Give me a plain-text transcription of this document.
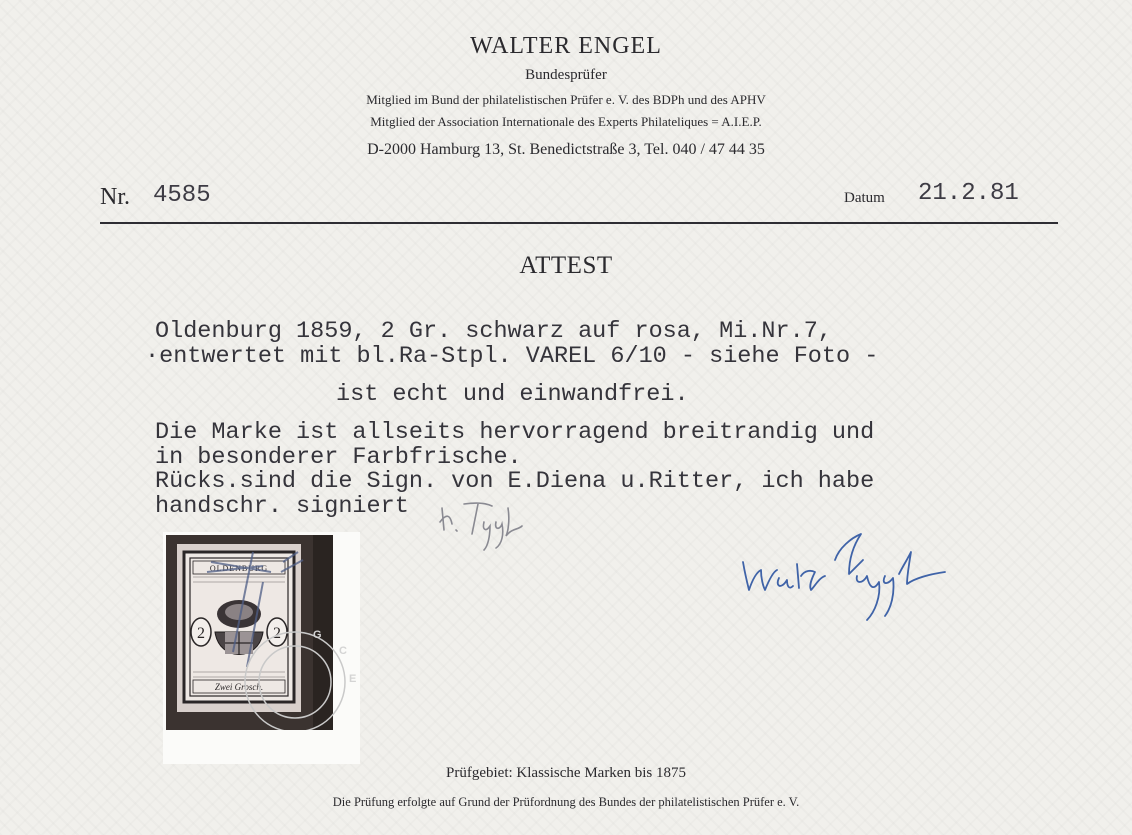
WALTER ENGEL
Bundesprüfer
Mitglied im Bund der philatelistischen Prüfer e. V. des BDPh und des APHV
Mitglied der Association Internationale des Experts Philateliques = A.I.E.P.
D-2000 Hamburg 13, St. Benedictstraße 3, Tel. 040 / 47 44 35
Nr. 4585	Datum 21.2.81
ATTEST
Oldenburg 1859, 2 Gr. schwarz auf rosa, Mi.Nr.7,
·entwertet mit bl.Ra-Stpl. VAREL 6/10 - siehe Foto -
ist echt und einwandfrei.
Die Marke ist allseits hervorragend breitrandig und
in besonderer Farbfrische.
Rücks.sind die Sign. von E.Diena u.Ritter, ich habe
handschr. signiert
2	2
OLDENBURG
Zwei Grosch.
G
C
E
Prüfgebiet: Klassische Marken bis 1875
Die Prüfung erfolgte auf Grund der Prüfordnung des Bundes der philatelistischen Prüfer e. V.
